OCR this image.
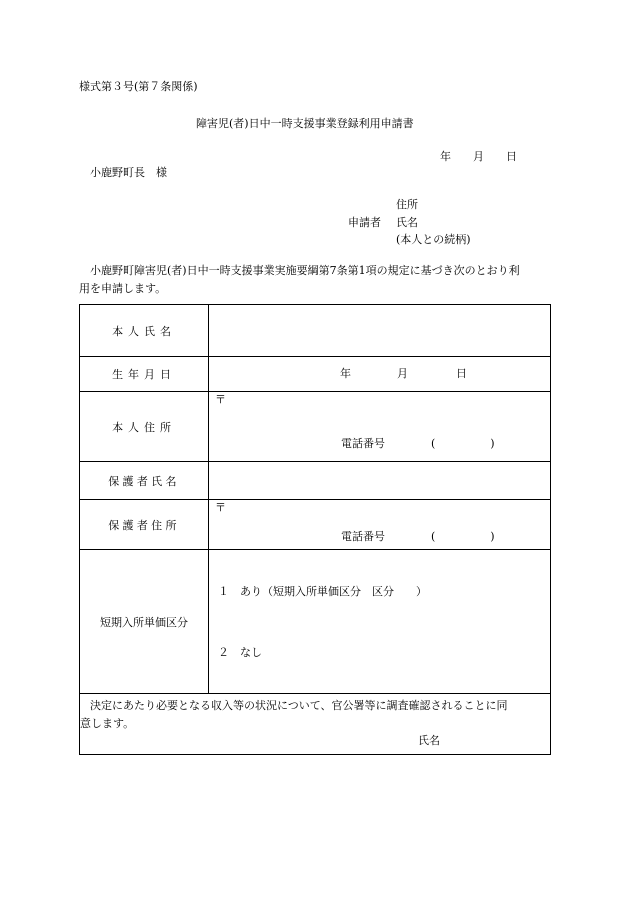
様式第３号(第７条関係)
障害児(者)日中一時支援事業登録利用申請書
年　　月　　日
小鹿野町長　様
住所
申請者 氏名
(本人との続柄)
小鹿野町障害児(者)日中一時支援事業実施要綱第7条第1項の規定に基づき次のとおり利
用を申請します。
本人氏名	
生年月日	年 月 日

本人住所	〒
電話番号 (　　　　　)

保護者氏名	
保護者住所	〒
電話番号 (　　　　　)

短期入所単価区分	１　あり（短期入所単価区分　区分　　）
２　なし

決定にあたり必要となる収入等の状況について、官公署等に調査確認されることに同
意します。
氏名	
